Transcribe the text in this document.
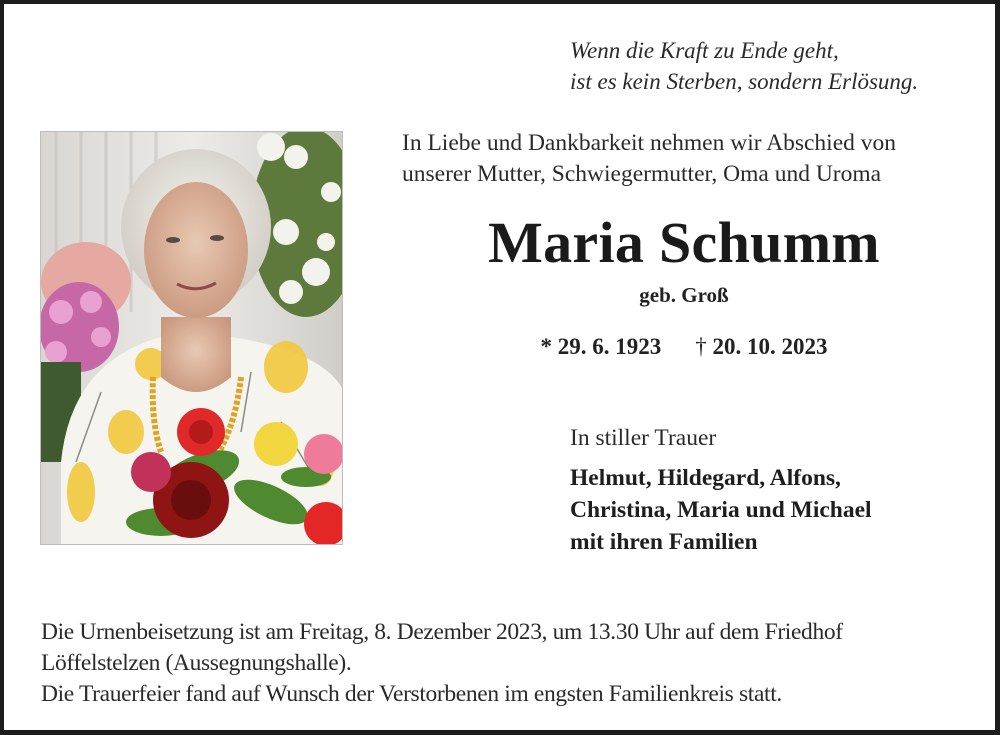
Wenn die Kraft zu Ende geht,
ist es kein Sterben, sondern Erlösung.
In Liebe und Dankbarkeit nehmen wir Abschied von
unserer Mutter, Schwiegermutter, Oma und Uroma
Maria Schumm
geb. Groß
* 29. 6. 1923 † 20. 10. 2023
In stiller Trauer
Helmut, Hildegard, Alfons,
Christina, Maria und Michael
mit ihren Familien
Die Urnenbeisetzung ist am Freitag, 8. Dezember 2023, um 13.30 Uhr auf dem Friedhof
Löffelstelzen (Aussegnungshalle).
Die Trauerfeier fand auf Wunsch der Verstorbenen im engsten Familienkreis statt.
